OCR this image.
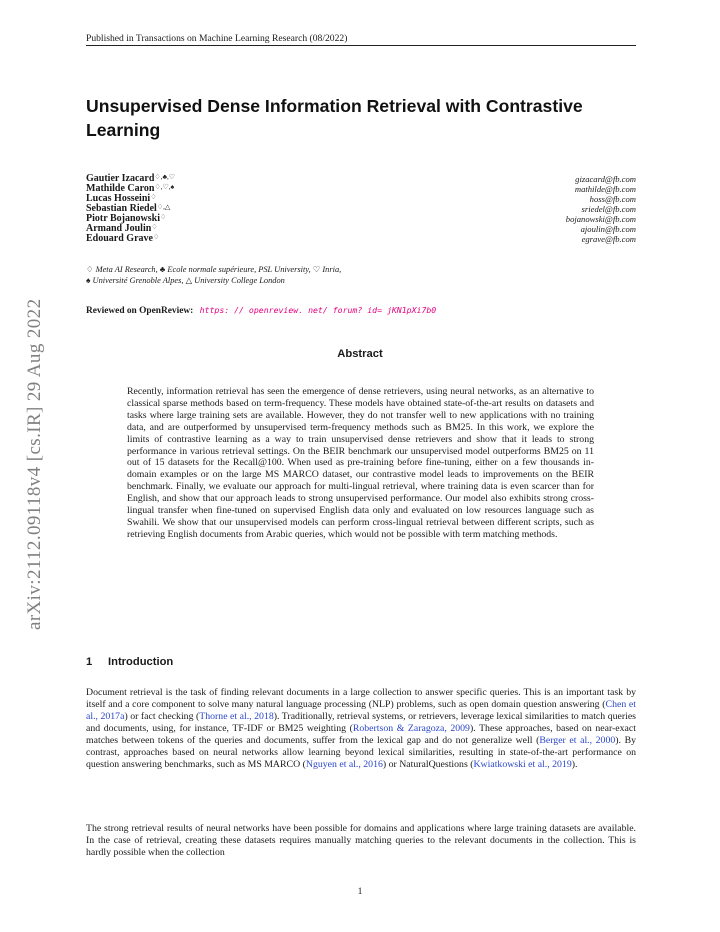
Published in Transactions on Machine Learning Research (08/2022)
arXiv:2112.09118v4 [cs.IR] 29 Aug 2022
Unsupervised Dense Information Retrieval with Contrastive Learning
Gautier Izacard♢,♣,♡	gizacard@fb.com
Mathilde Caron♢,♡,♠	mathilde@fb.com
Lucas Hosseini♢	hoss@fb.com
Sebastian Riedel♢,△	sriedel@fb.com
Piotr Bojanowski♢	bojanowski@fb.com
Armand Joulin♢	ajoulin@fb.com
Edouard Grave♢	egrave@fb.com
♢ Meta AI Research, ♣ Ecole normale supérieure, PSL University, ♡ Inria,
♠ Université Grenoble Alpes, △ University College London
Reviewed on OpenReview: https: // openreview. net/ forum? id= jKN1pXi7b0
Abstract

Recently, information retrieval has seen the emergence of dense retrievers, using neural networks, as an alternative to classical sparse methods based on term-frequency. These models have obtained state-of-the-art results on datasets and tasks where large training sets are available. However, they do not transfer well to new applications with no training data, and are outperformed by unsupervised term-frequency methods such as BM25. In this work, we explore the limits of contrastive learning as a way to train unsupervised dense retrievers and show that it leads to strong performance in various retrieval settings. On the BEIR benchmark our unsupervised model outperforms BM25 on 11 out of 15 datasets for the Recall@100. When used as pre-training before fine-tuning, either on a few thousands in-domain examples or on the large MS MARCO dataset, our contrastive model leads to improvements on the BEIR benchmark. Finally, we evaluate our approach for multi-lingual retrieval, where training data is even scarcer than for English, and show that our approach leads to strong unsupervised performance. Our model also exhibits strong cross-lingual transfer when fine-tuned on supervised English data only and evaluated on low resources language such as Swahili. We show that our unsupervised models can perform cross-lingual retrieval between different scripts, such as retrieving English documents from Arabic queries, which would not be possible with term matching methods.

1 Introduction

Document retrieval is the task of finding relevant documents in a large collection to answer specific queries. This is an important task by itself and a core component to solve many natural language processing (NLP) problems, such as open domain question answering (Chen et al., 2017a) or fact checking (Thorne et al., 2018). Traditionally, retrieval systems, or retrievers, leverage lexical similarities to match queries and documents, using, for instance, TF-IDF or BM25 weighting (Robertson & Zaragoza, 2009). These approaches, based on near-exact matches between tokens of the queries and documents, suffer from the lexical gap and do not generalize well (Berger et al., 2000). By contrast, approaches based on neural networks allow learning beyond lexical similarities, resulting in state-of-the-art performance on question answering benchmarks, such as MS MARCO (Nguyen et al., 2016) or NaturalQuestions (Kwiatkowski et al., 2019).

The strong retrieval results of neural networks have been possible for domains and applications where large training datasets are available. In the case of retrieval, creating these datasets requires manually matching queries to the relevant documents in the collection. This is hardly possible when the collection

1
